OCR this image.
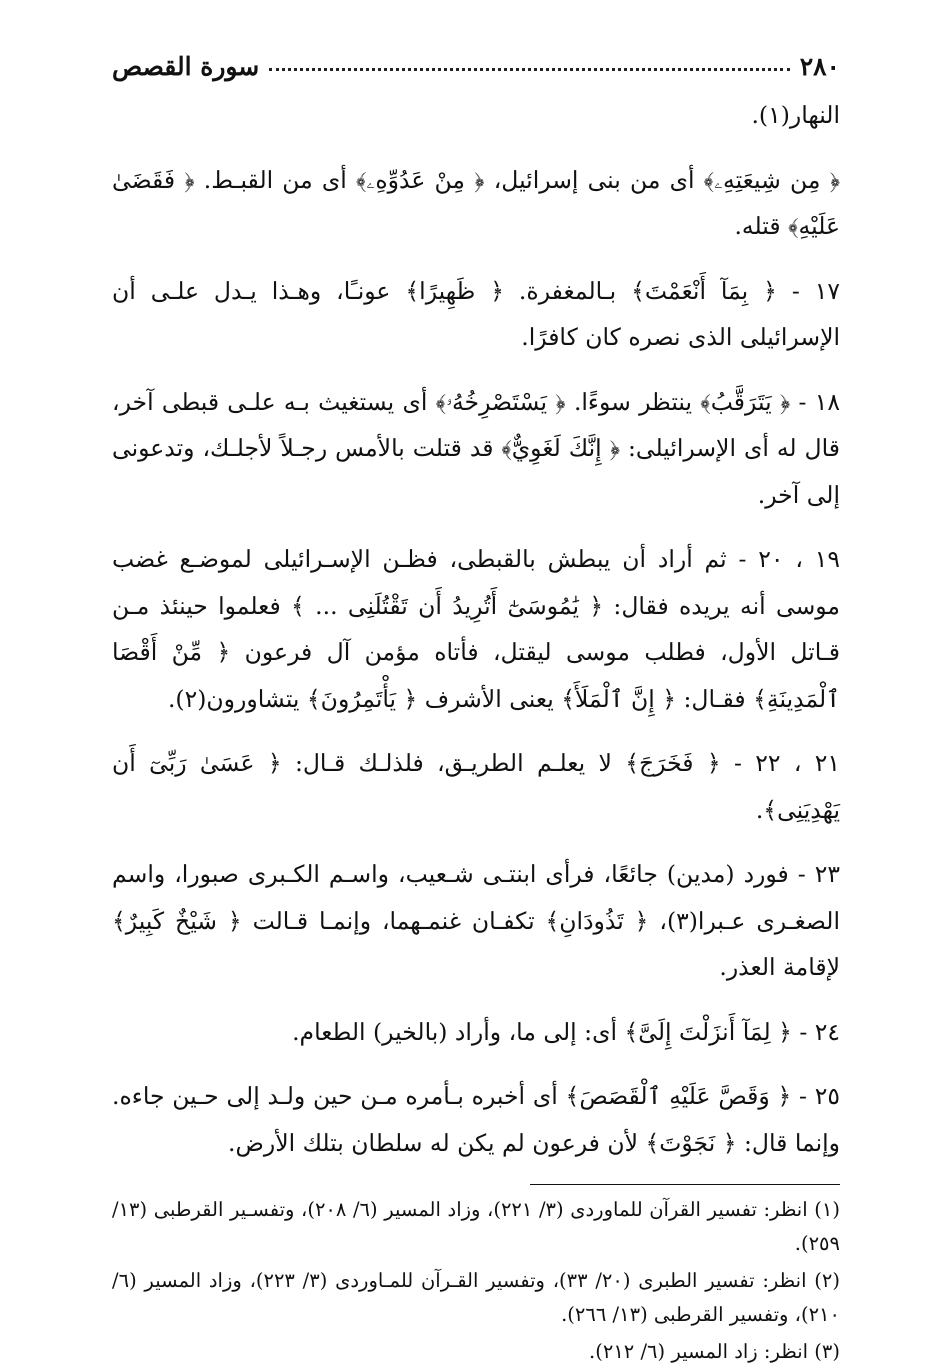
٢٨٠
سورة القصص

النهار(١).

﴿ مِن شِيعَتِهِۦ﴾ أى من بنى إسرائيل، ﴿ مِنْ عَدُوِّهِۦ﴾ أى من القبـط. ﴿ فَقَضَىٰ عَلَيْهِ﴾ قتله.

١٧ - ﴿ بِمَآ أَنْعَمْتَ﴾ بـالمغفرة. ﴿ ظَهِيرًا﴾ عونـًا، وهـذا يـدل علـى أن الإسرائيلى الذى نصره كان كافرًا.

١٨ - ﴿ يَتَرَقَّبُ﴾ ينتظر سوءًا. ﴿ يَسْتَصْرِخُهُۥ﴾ أى يستغيث بـه علـى قبطى آخر، قال له أى الإسرائيلى: ﴿ إِنَّكَ لَغَوِيٌّ﴾ قد قتلت بالأمس رجـلاً لأجلـك، وتدعونى إلى آخر.

١٩ ، ٢٠ - ثم أراد أن يبطش بالقبطى، فظـن الإسـرائيلى لموضـع غضب موسى أنه يريده فقال: ﴿ يَٰمُوسَىٰٓ أَتُرِيدُ أَن تَقْتُلَنِى ... ﴾ فعلموا حينئذ مـن قـاتل الأول، فطلب موسى ليقتل، فأتاه مؤمن آل فرعون ﴿ مِّنْ أَقْصَا ٱلْمَدِينَةِ﴾ فقـال: ﴿ إِنَّ ٱلْمَلَأَ﴾ يعنى الأشرف ﴿ يَأْتَمِرُونَ﴾ يتشاورون(٢).

٢١ ، ٢٢ - ﴿ فَخَرَجَ﴾ لا يعلـم الطريـق، فلذلـك قـال: ﴿ عَسَىٰ رَبِّىٓ أَن يَهْدِيَنِى﴾.

٢٣ - فورد (مدين) جائعًا، فرأى ابنتـى شـعيب، واسـم الكـبرى صبورا، واسم الصغـرى عـبرا(٣)، ﴿ تَذُودَانِ﴾ تكفـان غنمـهما، وإنمـا قـالت ﴿ شَيْخٌ كَبِيرٌ﴾ لإقامة العذر.

٢٤ - ﴿ لِمَآ أَنزَلْتَ إِلَىَّ﴾ أى: إلى ما، وأراد (بالخير) الطعام.

٢٥ - ﴿ وَقَصَّ عَلَيْهِ ٱلْقَصَصَ﴾ أى أخبره بـأمره مـن حين ولـد إلى حـين جاءه. وإنما قال: ﴿ نَجَوْتَ﴾ لأن فرعون لم يكن له سلطان بتلك الأرض.

(١) انظر: تفسير القرآن للماوردى (٣/ ٢٢١)، وزاد المسير (٦/ ٢٠٨)، وتفسـير القرطبى (١٣/ ٢٥٩).

(٢) انظر: تفسير الطبرى (٢٠/ ٣٣)، وتفسير القـرآن للمـاوردى (٣/ ٢٢٣)، وزاد المسير (٦/ ٢١٠)، وتفسير القرطبى (١٣/ ٢٦٦).

(٣) انظر: زاد المسير (٦/ ٢١٢).
